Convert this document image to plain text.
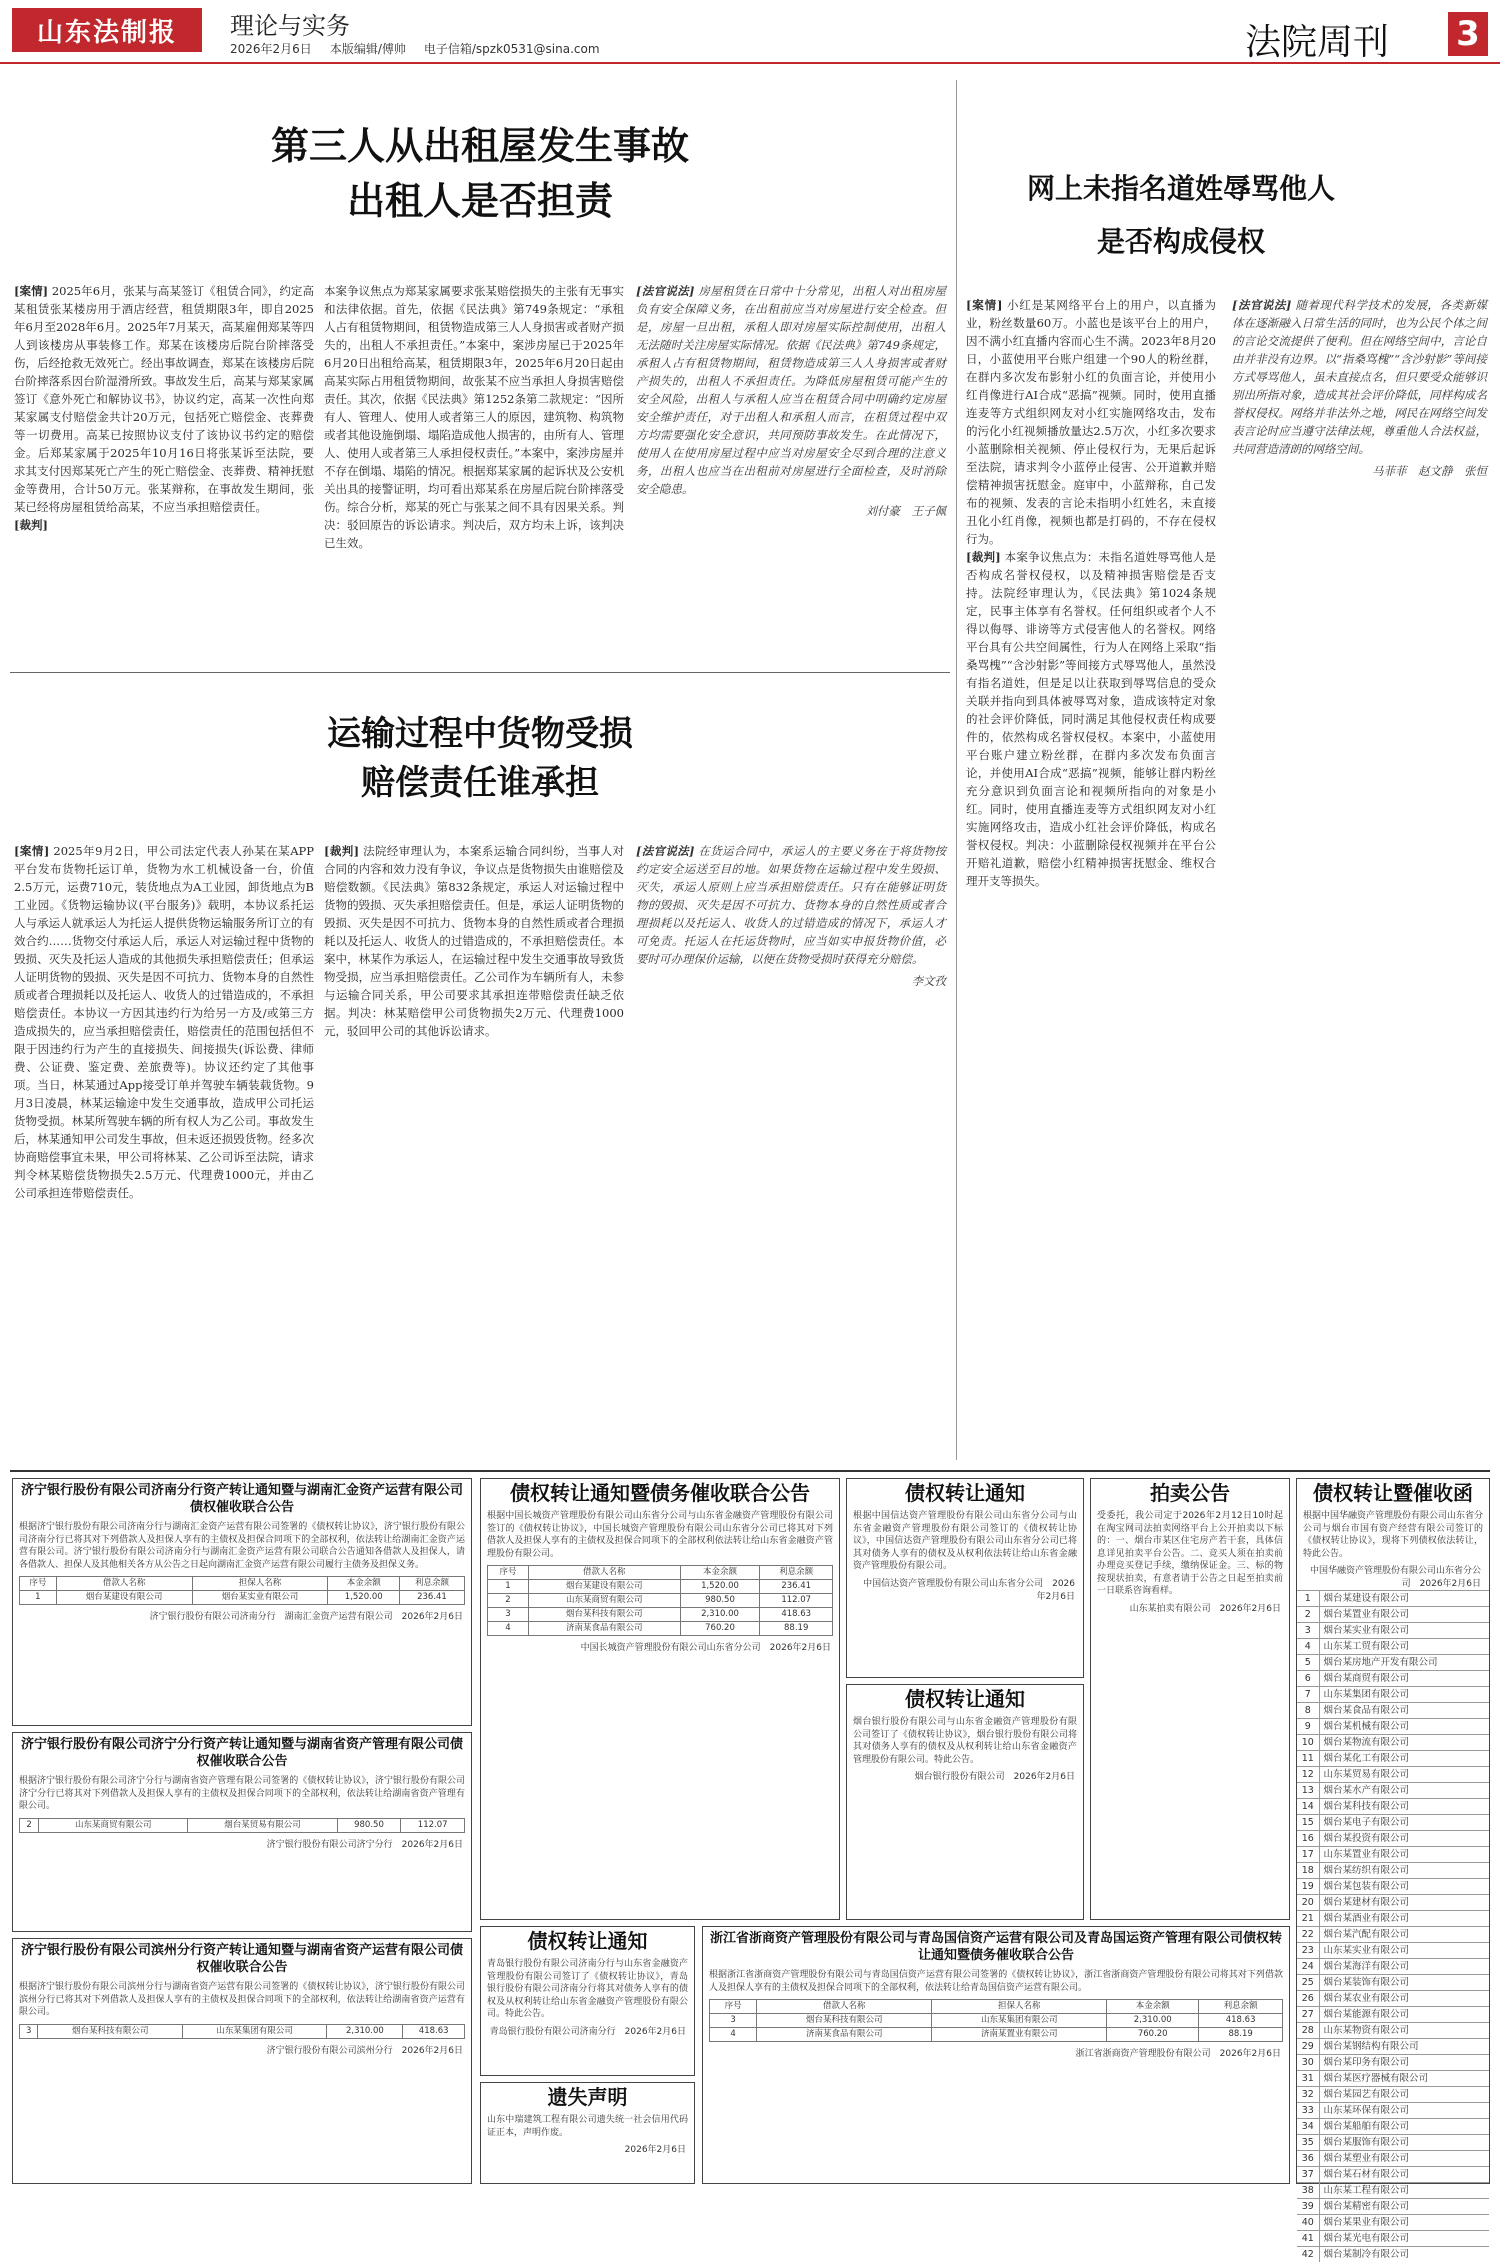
山东法制报	理论与实务
2026年2月6日 本版编辑/傅帅 电子信箱/spzk0531@sina.com	法院周刊 3
第三人从出租屋发生事故
出租人是否担责
[案情] 2025年6月，张某与高某签订《租赁合同》，约定高某租赁张某楼房用于酒店经营，租赁期限3年，即自2025年6月至2028年6月。2025年7月某天，高某雇佣郑某等四人到该楼房从事装修工作。郑某在该楼房后院台阶摔落受伤，后经抢救无效死亡。经出事故调查，郑某在该楼房后院台阶摔落系因台阶湿滑所致。事故发生后，高某与郑某家属签订《意外死亡和解协议书》，协议约定，高某一次性向郑某家属支付赔偿金共计20万元，包括死亡赔偿金、丧葬费等一切费用。高某已按照协议支付了该协议书约定的赔偿金。后郑某家属于2025年10月16日将张某诉至法院，要求其支付因郑某死亡产生的死亡赔偿金、丧葬费、精神抚慰金等费用，合计50万元。张某辩称，在事故发生期间，张某已经将房屋租赁给高某，不应当承担赔偿责任。
[裁判]
本案争议焦点为郑某家属要求张某赔偿损失的主张有无事实和法律依据。首先，依据《民法典》第749条规定：“承租人占有租赁物期间，租赁物造成第三人人身损害或者财产损失的，出租人不承担责任。”本案中，案涉房屋已于2025年6月20日出租给高某，租赁期限3年，2025年6月20日起由高某实际占用租赁物期间，故张某不应当承担人身损害赔偿责任。其次，依据《民法典》第1252条第二款规定：“因所有人、管理人、使用人或者第三人的原因，建筑物、构筑物或者其他设施倒塌、塌陷造成他人损害的，由所有人、管理人、使用人或者第三人承担侵权责任。”本案中，案涉房屋并不存在倒塌、塌陷的情况。根据郑某家属的起诉状及公安机关出具的接警证明，均可看出郑某系在房屋后院台阶摔落受伤。综合分析，郑某的死亡与张某之间不具有因果关系。判决：驳回原告的诉讼请求。判决后，双方均未上诉，该判决已生效。
[法官说法] 房屋租赁在日常中十分常见，出租人对出租房屋负有安全保障义务，在出租前应当对房屋进行安全检查。但是，房屋一旦出租，承租人即对房屋实际控制使用，出租人无法随时关注房屋实际情况。依据《民法典》第749条规定，承租人占有租赁物期间，租赁物造成第三人人身损害或者财产损失的，出租人不承担责任。为降低房屋租赁可能产生的安全风险，出租人与承租人应当在租赁合同中明确约定房屋安全维护责任，对于出租人和承租人而言，在租赁过程中双方均需要强化安全意识，共同预防事故发生。在此情况下，使用人在使用房屋过程中应当对房屋安全尽到合理的注意义务，出租人也应当在出租前对房屋进行全面检查，及时消除安全隐患。
刘付豪　王子佩
运输过程中货物受损
赔偿责任谁承担
[案情] 2025年9月2日，甲公司法定代表人孙某在某APP平台发布货物托运订单，货物为水工机械设备一台，价值2.5万元，运费710元，装货地点为A工业园，卸货地点为B工业园。《货物运输协议(平台服务)》载明，本协议系托运人与承运人就承运人为托运人提供货物运输服务所订立的有效合约……货物交付承运人后，承运人对运输过程中货物的毁损、灭失及托运人造成的其他损失承担赔偿责任；但承运人证明货物的毁损、灭失是因不可抗力、货物本身的自然性质或者合理损耗以及托运人、收货人的过错造成的，不承担赔偿责任。本协议一方因其违约行为给另一方及/或第三方造成损失的，应当承担赔偿责任，赔偿责任的范围包括但不限于因违约行为产生的直接损失、间接损失(诉讼费、律师费、公证费、鉴定费、差旅费等)。协议还约定了其他事项。当日，林某通过App接受订单并驾驶车辆装载货物。9月3日凌晨，林某运输途中发生交通事故，造成甲公司托运货物受损。林某所驾驶车辆的所有权人为乙公司。事故发生后，林某通知甲公司发生事故，但未返还损毁货物。经多次协商赔偿事宜未果，甲公司将林某、乙公司诉至法院，请求判令林某赔偿货物损失2.5万元、代理费1000元，并由乙公司承担连带赔偿责任。
[裁判] 法院经审理认为，本案系运输合同纠纷，当事人对合同的内容和效力没有争议，争议点是货物损失由谁赔偿及赔偿数额。《民法典》第832条规定，承运人对运输过程中货物的毁损、灭失承担赔偿责任。但是，承运人证明货物的毁损、灭失是因不可抗力、货物本身的自然性质或者合理损耗以及托运人、收货人的过错造成的，不承担赔偿责任。本案中，林某作为承运人，在运输过程中发生交通事故导致货物受损，应当承担赔偿责任。乙公司作为车辆所有人，未参与运输合同关系，甲公司要求其承担连带赔偿责任缺乏依据。判决：林某赔偿甲公司货物损失2万元、代理费1000元，驳回甲公司的其他诉讼请求。
[法官说法] 在货运合同中，承运人的主要义务在于将货物按约定安全运送至目的地。如果货物在运输过程中发生毁损、灭失，承运人原则上应当承担赔偿责任。只有在能够证明货物的毁损、灭失是因不可抗力、货物本身的自然性质或者合理损耗以及托运人、收货人的过错造成的情况下，承运人才可免责。托运人在托运货物时，应当如实申报货物价值，必要时可办理保价运输，以便在货物受损时获得充分赔偿。
李文孜
网上未指名道姓辱骂他人
是否构成侵权
[案情] 小红是某网络平台上的用户，以直播为业，粉丝数量60万。小蓝也是该平台上的用户，因不满小红直播内容而心生不满。2023年8月20日，小蓝使用平台账户组建一个90人的粉丝群，在群内多次发布影射小红的负面言论，并使用小红肖像进行AI合成“恶搞”视频。同时，使用直播连麦等方式组织网友对小红实施网络攻击，发布的污化小红视频播放量达2.5万次，小红多次要求小蓝删除相关视频、停止侵权行为，无果后起诉至法院，请求判令小蓝停止侵害、公开道歉并赔偿精神损害抚慰金。庭审中，小蓝辩称，自己发布的视频、发表的言论未指明小红姓名，未直接丑化小红肖像，视频也都是打码的，不存在侵权行为。
[裁判] 本案争议焦点为：未指名道姓辱骂他人是否构成名誉权侵权，以及精神损害赔偿是否支持。法院经审理认为，《民法典》第1024条规定，民事主体享有名誉权。任何组织或者个人不得以侮辱、诽谤等方式侵害他人的名誉权。网络平台具有公共空间属性，行为人在网络上采取“指桑骂槐”“含沙射影”等间接方式辱骂他人，虽然没有指名道姓，但是足以让获取到辱骂信息的受众关联并指向到具体被辱骂对象，造成该特定对象的社会评价降低，同时满足其他侵权责任构成要件的，依然构成名誉权侵权。本案中，小蓝使用平台账户建立粉丝群，在群内多次发布负面言论，并使用AI合成“恶搞”视频，能够让群内粉丝充分意识到负面言论和视频所指向的对象是小红。同时，使用直播连麦等方式组织网友对小红实施网络攻击，造成小红社会评价降低，构成名誉权侵权。判决：小蓝删除侵权视频并在平台公开赔礼道歉，赔偿小红精神损害抚慰金、维权合理开支等损失。
[法官说法] 随着现代科学技术的发展，各类新媒体在逐渐融入日常生活的同时，也为公民个体之间的言论交流提供了便利。但在网络空间中，言论自由并非没有边界。以“指桑骂槐”“含沙射影”等间接方式辱骂他人，虽未直接点名，但只要受众能够识别出所指对象，造成其社会评价降低，同样构成名誉权侵权。网络并非法外之地，网民在网络空间发表言论时应当遵守法律法规，尊重他人合法权益，共同营造清朗的网络空间。
马菲菲　赵文静　张恒
济宁银行股份有限公司济南分行资产转让通知暨与湖南汇金资产运营有限公司债权催收联合公告
根据济宁银行股份有限公司济南分行与湖南汇金资产运营有限公司签署的《债权转让协议》，济宁银行股份有限公司济南分行已将其对下列借款人及担保人享有的主债权及担保合同项下的全部权利，依法转让给湖南汇金资产运营有限公司。济宁银行股份有限公司济南分行与湖南汇金资产运营有限公司联合公告通知各借款人及担保人，请各借款人、担保人及其他相关各方从公告之日起向湖南汇金资产运营有限公司履行主债务及担保义务。
序号	借款人名称	担保人名称	本金余额	利息余额
1	烟台某建设有限公司	烟台某实业有限公司	1,520.00	236.41
济宁银行股份有限公司济南分行　湖南汇金资产运营有限公司　2026年2月6日
济宁银行股份有限公司济宁分行资产转让通知暨与湖南省资产管理有限公司债权催收联合公告
根据济宁银行股份有限公司济宁分行与湖南省资产管理有限公司签署的《债权转让协议》，济宁银行股份有限公司济宁分行已将其对下列借款人及担保人享有的主债权及担保合同项下的全部权利，依法转让给湖南省资产管理有限公司。
2	山东某商贸有限公司	烟台某贸易有限公司	980.50	112.07
济宁银行股份有限公司济宁分行　2026年2月6日
济宁银行股份有限公司滨州分行资产转让通知暨与湖南省资产运营有限公司债权催收联合公告
根据济宁银行股份有限公司滨州分行与湖南省资产运营有限公司签署的《债权转让协议》，济宁银行股份有限公司滨州分行已将其对下列借款人及担保人享有的主债权及担保合同项下的全部权利，依法转让给湖南省资产运营有限公司。
3	烟台某科技有限公司	山东某集团有限公司	2,310.00	418.63
济宁银行股份有限公司滨州分行　2026年2月6日
债权转让通知暨债务催收联合公告
根据中国长城资产管理股份有限公司山东省分公司与山东省金融资产管理股份有限公司签订的《债权转让协议》，中国长城资产管理股份有限公司山东省分公司已将其对下列借款人及担保人享有的主债权及担保合同项下的全部权利依法转让给山东省金融资产管理股份有限公司。
序号	借款人名称	本金余额	利息余额
1	烟台某建设有限公司	1,520.00	236.41
2	山东某商贸有限公司	980.50	112.07
3	烟台某科技有限公司	2,310.00	418.63
4	济南某食品有限公司	760.20	88.19
中国长城资产管理股份有限公司山东省分公司　2026年2月6日
债权转让通知
青岛银行股份有限公司济南分行与山东省金融资产管理股份有限公司签订了《债权转让协议》，青岛银行股份有限公司济南分行将其对债务人享有的债权及从权利转让给山东省金融资产管理股份有限公司。特此公告。
青岛银行股份有限公司济南分行　2026年2月6日
遗失声明
山东中瑞建筑工程有限公司遗失统一社会信用代码证正本，声明作废。
2026年2月6日
债权转让通知
根据中国信达资产管理股份有限公司山东省分公司与山东省金融资产管理股份有限公司签订的《债权转让协议》，中国信达资产管理股份有限公司山东省分公司已将其对债务人享有的债权及从权利依法转让给山东省金融资产管理股份有限公司。
中国信达资产管理股份有限公司山东省分公司　2026年2月6日
债权转让通知
烟台银行股份有限公司与山东省金融资产管理股份有限公司签订了《债权转让协议》，烟台银行股份有限公司将其对债务人享有的债权及从权利转让给山东省金融资产管理股份有限公司。特此公告。
烟台银行股份有限公司　2026年2月6日
拍卖公告
受委托，我公司定于2026年2月12日10时起在淘宝网司法拍卖网络平台上公开拍卖以下标的：一、烟台市某区住宅房产若干套，具体信息详见拍卖平台公告。二、竞买人须在拍卖前办理竞买登记手续，缴纳保证金。三、标的物按现状拍卖，有意者请于公告之日起至拍卖前一日联系咨询看样。
山东某拍卖有限公司　2026年2月6日
浙江省浙商资产管理股份有限公司与青岛国信资产运营有限公司及青岛国运资产管理有限公司债权转让通知暨债务催收联合公告
根据浙江省浙商资产管理股份有限公司与青岛国信资产运营有限公司签署的《债权转让协议》，浙江省浙商资产管理股份有限公司将其对下列借款人及担保人享有的主债权及担保合同项下的全部权利，依法转让给青岛国信资产运营有限公司。
序号	借款人名称	担保人名称	本金余额	利息余额
3	烟台某科技有限公司	山东某集团有限公司	2,310.00	418.63
4	济南某食品有限公司	济南某置业有限公司	760.20	88.19
浙江省浙商资产管理股份有限公司　2026年2月6日
债权转让暨催收函
根据中国华融资产管理股份有限公司山东省分公司与烟台市国有资产经营有限公司签订的《债权转让协议》，现将下列债权依法转让，特此公告。
中国华融资产管理股份有限公司山东省分公司　2026年2月6日
1	烟台某建设有限公司
2	烟台某置业有限公司
3	烟台某实业有限公司
4	山东某工贸有限公司
5	烟台某房地产开发有限公司
6	烟台某商贸有限公司
7	山东某集团有限公司
8	烟台某食品有限公司
9	烟台某机械有限公司
10	烟台某物流有限公司
11	烟台某化工有限公司
12	山东某贸易有限公司
13	烟台某水产有限公司
14	烟台某科技有限公司
15	烟台某电子有限公司
16	烟台某投资有限公司
17	山东某置业有限公司
18	烟台某纺织有限公司
19	烟台某包装有限公司
20	烟台某建材有限公司
21	烟台某酒业有限公司
22	烟台某汽配有限公司
23	山东某实业有限公司
24	烟台某海洋有限公司
25	烟台某装饰有限公司
26	烟台某农业有限公司
27	烟台某能源有限公司
28	山东某物资有限公司
29	烟台某钢结构有限公司
30	烟台某印务有限公司
31	烟台某医疗器械有限公司
32	烟台某园艺有限公司
33	山东某环保有限公司
34	烟台某船舶有限公司
35	烟台某服饰有限公司
36	烟台某塑业有限公司
37	烟台某石材有限公司
38	山东某工程有限公司
39	烟台某精密有限公司
40	烟台某果业有限公司
41	烟台某光电有限公司
42	烟台某制冷有限公司
